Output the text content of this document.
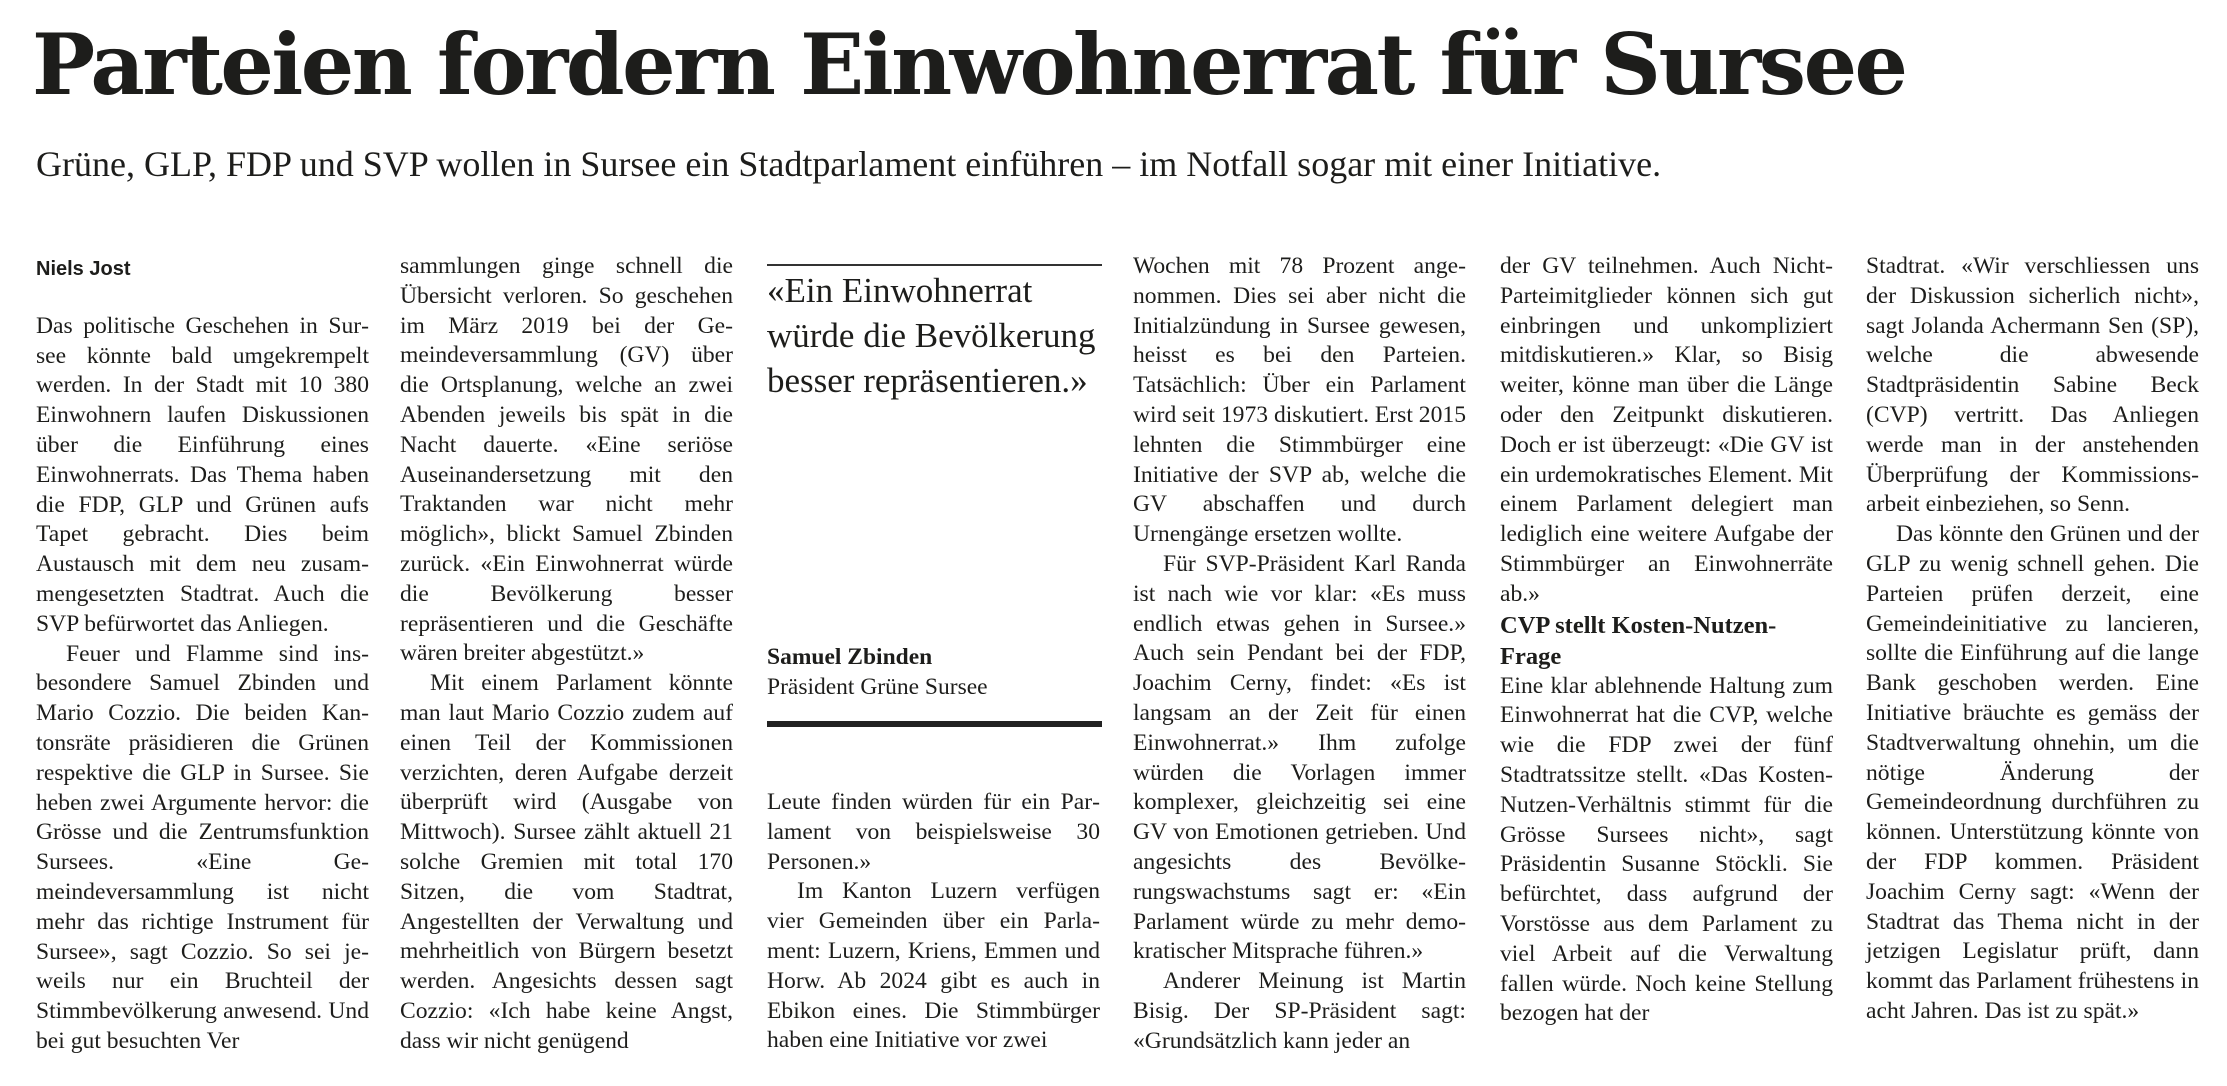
Parteien fordern Einwohnerrat für Sursee

Grüne, GLP, FDP und SVP wollen in Sursee ein Stadtparlament einführen – im Notfall sogar mit einer Initiative.

Niels Jost

Das politische Geschehen in Sursee könnte bald umgekrempelt werden. In der Stadt mit 10 380 Einwohnern laufen Diskussionen über die Einführung eines Einwohnerrats. Das Thema haben die FDP, GLP und Grünen aufs Tapet gebracht. Dies beim Austausch mit dem neu zusammengesetzten Stadtrat. Auch die SVP befürwortet das Anliegen.

Feuer und Flamme sind insbesondere Samuel Zbinden und Mario Cozzio. Die beiden Kantonsräte präsidieren die Grünen respektive die GLP in Sursee. Sie heben zwei Argumente hervor: die Grösse und die Zentrumsfunktion Sursees. «Eine Gemeindeversammlung ist nicht mehr das richtige Instrument für Sursee», sagt Cozzio. So sei jeweils nur ein Bruchteil der Stimmbevölkerung anwesend. Und bei gut besuchten Ver

sammlungen ginge schnell die Übersicht verloren. So geschehen im März 2019 bei der Gemeindeversammlung (GV) über die Ortsplanung, welche an zwei Abenden jeweils bis spät in die Nacht dauerte. «Eine seriöse Auseinandersetzung mit den Traktanden war nicht mehr möglich», blickt Samuel Zbinden zurück. «Ein Einwohnerrat würde die Bevölkerung besser repräsentieren und die Geschäfte wären breiter abgestützt.»

Mit einem Parlament könnte man laut Mario Cozzio zudem auf einen Teil der Kommissionen verzichten, deren Aufgabe derzeit überprüft wird (Ausgabe von Mittwoch). Sursee zählt aktuell 21 solche Gremien mit total 170 Sitzen, die vom Stadtrat, Angestellten der Verwaltung und mehrheitlich von Bürgern besetzt werden. Angesichts dessen sagt Cozzio: «Ich habe keine Angst, dass wir nicht genügend

«Ein Einwohnerrat würde die Bevölkerung besser repräsentieren.»

Samuel Zbinden

Präsident Grüne Sursee

Leute finden würden für ein Parlament von beispielsweise 30 Personen.»

Im Kanton Luzern verfügen vier Gemeinden über ein Parlament: Luzern, Kriens, Emmen und Horw. Ab 2024 gibt es auch in Ebikon eines. Die Stimmbürger haben eine Initiative vor zwei

Wochen mit 78 Prozent angenommen. Dies sei aber nicht die Initialzündung in Sursee gewesen, heisst es bei den Parteien. Tatsächlich: Über ein Parlament wird seit 1973 diskutiert. Erst 2015 lehnten die Stimmbürger eine Initiative der SVP ab, welche die GV abschaffen und durch Urnengänge ersetzen wollte.

Für SVP-Präsident Karl Randa ist nach wie vor klar: «Es muss endlich etwas gehen in Sursee.» Auch sein Pendant bei der FDP, Joachim Cerny, findet: «Es ist langsam an der Zeit für einen Einwohnerrat.» Ihm zufolge würden die Vorlagen immer komplexer, gleichzeitig sei eine GV von Emotionen getrieben. Und angesichts des Bevölkerungswachstums sagt er: «Ein Parlament würde zu mehr demokratischer Mitsprache führen.»

Anderer Meinung ist Martin Bisig. Der SP-Präsident sagt: «Grundsätzlich kann jeder an

der GV teilnehmen. Auch Nicht-Parteimitglieder können sich gut einbringen und unkompliziert mitdiskutieren.» Klar, so Bisig weiter, könne man über die Länge oder den Zeitpunkt diskutieren. Doch er ist überzeugt: «Die GV ist ein urdemokratisches Element. Mit einem Parlament delegiert man lediglich eine weitere Aufgabe der Stimmbürger an Einwohnerräte ab.»

CVP stellt Kosten-Nutzen-Frage

Eine klar ablehnende Haltung zum Einwohnerrat hat die CVP, welche wie die FDP zwei der fünf Stadtratssitze stellt. «Das Kosten-Nutzen-Verhältnis stimmt für die Grösse Sursees nicht», sagt Präsidentin Susanne Stöckli. Sie befürchtet, dass aufgrund der Vorstösse aus dem Parlament zu viel Arbeit auf die Verwaltung fallen würde. Noch keine Stellung bezogen hat der

Stadtrat. «Wir verschliessen uns der Diskussion sicherlich nicht», sagt Jolanda Achermann Sen (SP), welche die abwesende Stadtpräsidentin Sabine Beck (CVP) vertritt. Das Anliegen werde man in der anstehenden Überprüfung der Kommissionsarbeit einbeziehen, so Senn.

Das könnte den Grünen und der GLP zu wenig schnell gehen. Die Parteien prüfen derzeit, eine Gemeindeinitiative zu lancieren, sollte die Einführung auf die lange Bank geschoben werden. Eine Initiative bräuchte es gemäss der Stadtverwaltung ohnehin, um die nötige Änderung der Gemeindeordnung durchführen zu können. Unterstützung könnte von der FDP kommen. Präsident Joachim Cerny sagt: «Wenn der Stadtrat das Thema nicht in der jetzigen Legislatur prüft, dann kommt das Parlament frühestens in acht Jahren. Das ist zu spät.»
